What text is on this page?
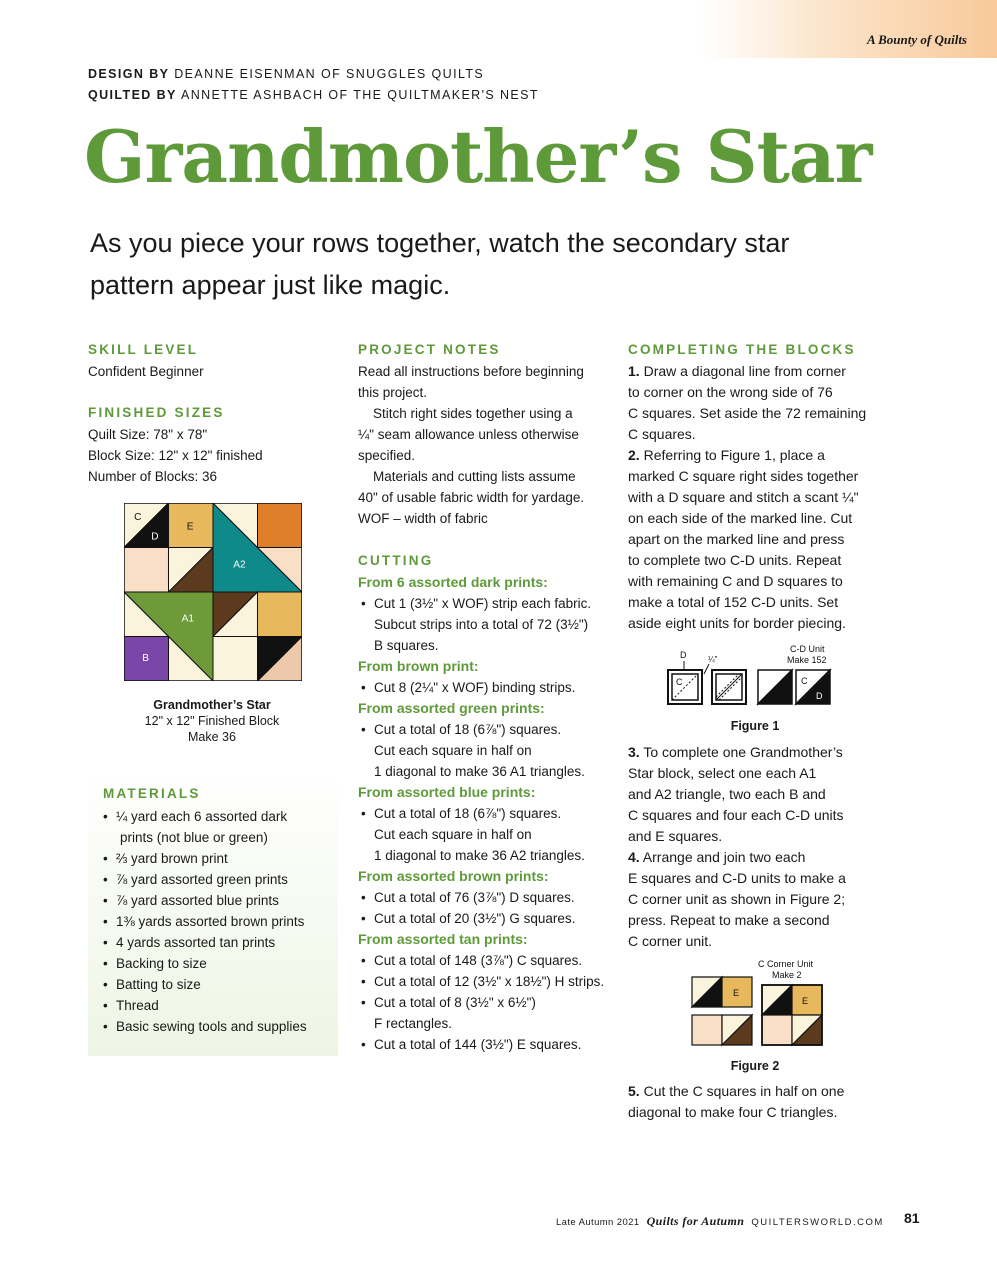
A Bounty of Quilts
DESIGN BY DEANNE EISENMAN OF SNUGGLES QUILTS
QUILTED BY ANNETTE ASHBACH OF THE QUILTMAKER'S NEST
Grandmother’s Star
As you piece your rows together, watch the secondary star pattern appear just like magic.
SKILL LEVEL
Confident Beginner
FINISHED SIZES
Quilt Size: 78" x 78"
Block Size: 12" x 12" finished
Number of Blocks: 36
C
D
E
A2
A1
B
Grandmother’s Star
12" x 12" Finished Block
Make 36
MATERIALS
• ¼ yard each 6 assorted dark
prints (not blue or green)
• ⅔ yard brown print
• ⅞ yard assorted green prints
• ⅞ yard assorted blue prints
• 1⅜ yards assorted brown prints
• 4 yards assorted tan prints
• Backing to size
• Batting to size
• Thread
• Basic sewing tools and supplies
PROJECT NOTES
Read all instructions before beginning
this project.
Stitch right sides together using a
¼" seam allowance unless otherwise
specified.
Materials and cutting lists assume
40" of usable fabric width for yardage.
WOF – width of fabric
CUTTING
From 6 assorted dark prints:
• Cut 1 (3½" x WOF) strip each fabric.
Subcut strips into a total of 72 (3½")
B squares.
From brown print:
• Cut 8 (2¼" x WOF) binding strips.
From assorted green prints:
• Cut a total of 18 (6⅞") squares.
Cut each square in half on
1 diagonal to make 36 A1 triangles.
From assorted blue prints:
• Cut a total of 18 (6⅞") squares.
Cut each square in half on
1 diagonal to make 36 A2 triangles.
From assorted brown prints:
• Cut a total of 76 (3⅞") D squares.
• Cut a total of 20 (3½") G squares.
From assorted tan prints:
• Cut a total of 148 (3⅞") C squares.
• Cut a total of 12 (3½" x 18½") H strips.
• Cut a total of 8 (3½" x 6½")
F rectangles.
• Cut a total of 144 (3½") E squares.
COMPLETING THE BLOCKS
1. Draw a diagonal line from corner
to corner on the wrong side of 76
C squares. Set aside the 72 remaining
C squares.
2. Referring to Figure 1, place a
marked C square right sides together
with a D square and stitch a scant ¼"
on each side of the marked line. Cut
apart on the marked line and press
to complete two C-D units. Repeat
with remaining C and D squares to
make a total of 152 C-D units. Set
aside eight units for border piecing.
D	¼"
C-D Unit
Make 152
C	C
D
Figure 1
3. To complete one Grandmother’s
Star block, select one each A1
and A2 triangle, two each B and
C squares and four each C-D units
and E squares.
4. Arrange and join two each
E squares and C-D units to make a
C corner unit as shown in Figure 2;
press. Repeat to make a second
C corner unit.
C Corner Unit
Make 2
E
E
Figure 2
5. Cut the C squares in half on one
diagonal to make four C triangles.
Late Autumn 2021 Quilts for Autumn QUILTERSWORLD.COM 81
